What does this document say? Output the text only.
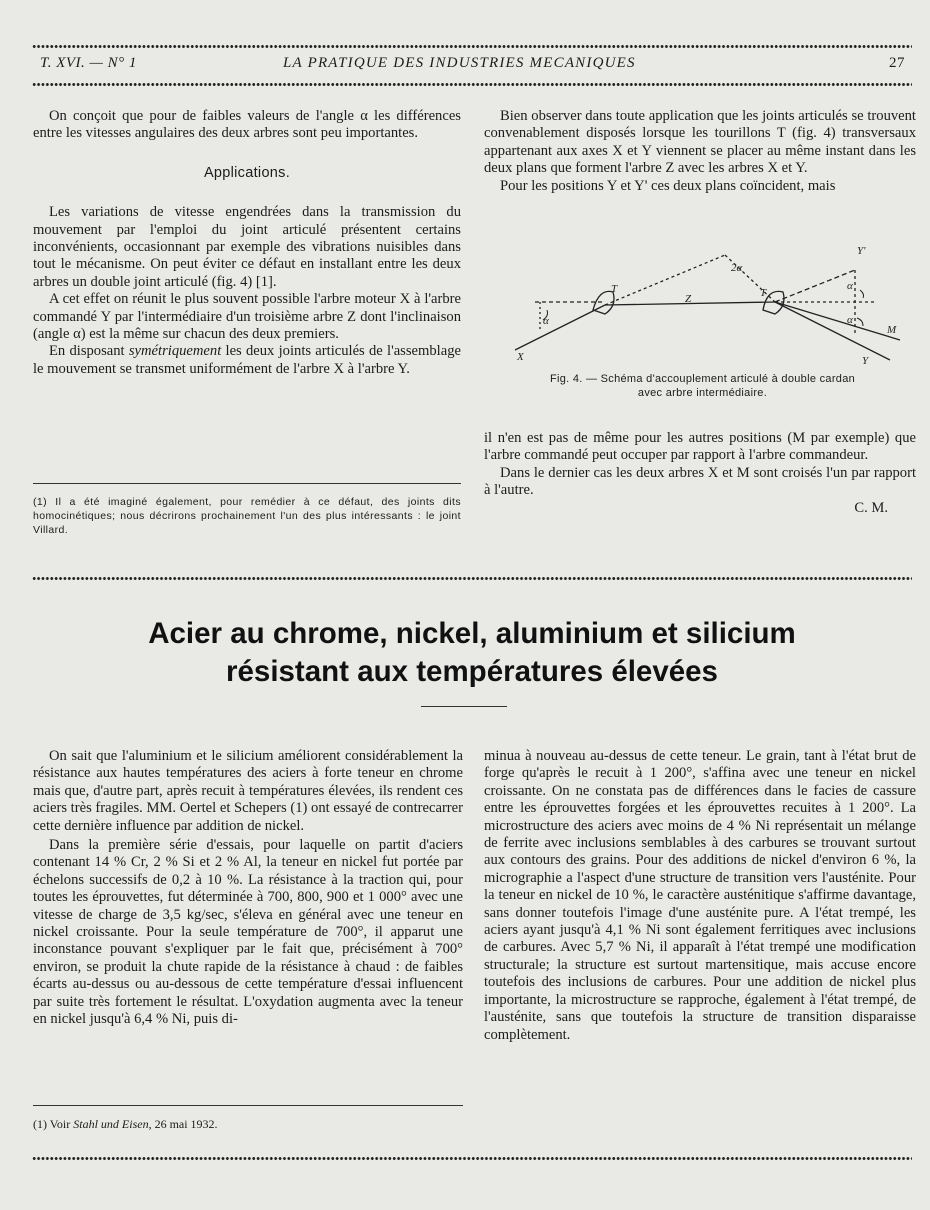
T. XVI. — N° 1	LA PRATIQUE DES INDUSTRIES MECANIQUES	27

On conçoit que pour de faibles valeurs de l'angle α les différences entre les vitesses angulaires des deux arbres sont peu importantes.

Applications.

Les variations de vitesse engendrées dans la transmission du mouvement par l'emploi du joint articulé présentent certains inconvénients, occasionnant par exemple des vibrations nuisibles dans tout le mécanisme. On peut éviter ce défaut en installant entre les deux arbres un double joint articulé (fig. 4) [1].

A cet effet on réunit le plus souvent possible l'arbre moteur X à l'arbre commandé Y par l'intermédiaire d'un troisième arbre Z dont l'inclinaison (angle α) est la même sur chacun des deux premiers.

En disposant symétriquement les deux joints articulés de l'assemblage le mouvement se transmet uniformément de l'arbre X à l'arbre Y.

(1) Il a été imaginé également, pour remédier à ce défaut, des joints dits homocinétiques; nous décrirons prochainement l'un des plus intéressants : le joint Villard.

Bien observer dans toute application que les joints articulés se trouvent convenablement disposés lorsque les tourillons T (fig. 4) transversaux appartenant aux axes X et Y viennent se placer au même instant dans les deux plans que forment l'arbre Z avec les arbres X et Y.

Pour les positions Y et Y' ces deux plans coïncident, mais

Y'
2α
T	T
Z
α
α
α
M
X	Y
Fig. 4. — Schéma d'accouplement articulé à double cardan
avec arbre intermédiaire.

il n'en est pas de même pour les autres positions (M par exemple) que l'arbre commandé peut occuper par rapport à l'arbre commandeur.

Dans le dernier cas les deux arbres X et M sont croisés l'un par rapport à l'autre.

C. M.

Acier au chrome, nickel, aluminium et silicium
résistant aux températures élevées

On sait que l'aluminium et le silicium améliorent considérablement la résistance aux hautes températures des aciers à forte teneur en chrome mais que, d'autre part, après recuit à températures élevées, ils rendent ces aciers très fragiles. MM. Oertel et Schepers (1) ont essayé de contrecarrer cette dernière influence par addition de nickel.

Dans la première série d'essais, pour laquelle on partit d'aciers contenant 14 % Cr, 2 % Si et 2 % Al, la teneur en nickel fut portée par échelons successifs de 0,2 à 10 %. La résistance à la traction qui, pour toutes les éprouvettes, fut déterminée à 700, 800, 900 et 1 000° avec une vitesse de charge de 3,5 kg/sec, s'éleva en général avec une teneur en nickel croissante. Pour la seule température de 700°, il apparut une inconstance pouvant s'expliquer par le fait que, précisément à 700° environ, se produit la chute rapide de la résistance à chaud : de faibles écarts au-dessus ou au-dessous de cette température d'essai influencent par suite très fortement le résultat. L'oxydation augmenta avec la teneur en nickel jusqu'à 6,4 % Ni, puis di-

(1) Voir Stahl und Eisen, 26 mai 1932.

minua à nouveau au-dessus de cette teneur. Le grain, tant à l'état brut de forge qu'après le recuit à 1 200°, s'affina avec une teneur en nickel croissante. On ne constata pas de différences dans le facies de cassure entre les éprouvettes forgées et les éprouvettes recuites à 1 200°. La microstructure des aciers avec moins de 4 % Ni représentait un mélange de ferrite avec inclusions semblables à des carbures se trouvant surtout aux contours des grains. Pour des additions de nickel d'environ 6 %, la micrographie a l'aspect d'une structure de transition vers l'austénite. Pour la teneur en nickel de 10 %, le caractère austénitique s'affirme davantage, sans donner toutefois l'image d'une austénite pure. A l'état trempé, les aciers ayant jusqu'à 4,1 % Ni sont également ferritiques avec inclusions de carbures. Avec 5,7 % Ni, il apparaît à l'état trempé une modification structurale; la structure est surtout martensitique, mais accuse encore toutefois des inclusions de carbures. Pour une addition de nickel plus importante, la microstructure se rapproche, également à l'état trempé, de l'austénite, sans que toutefois la structure de transition disparaisse complètement.
